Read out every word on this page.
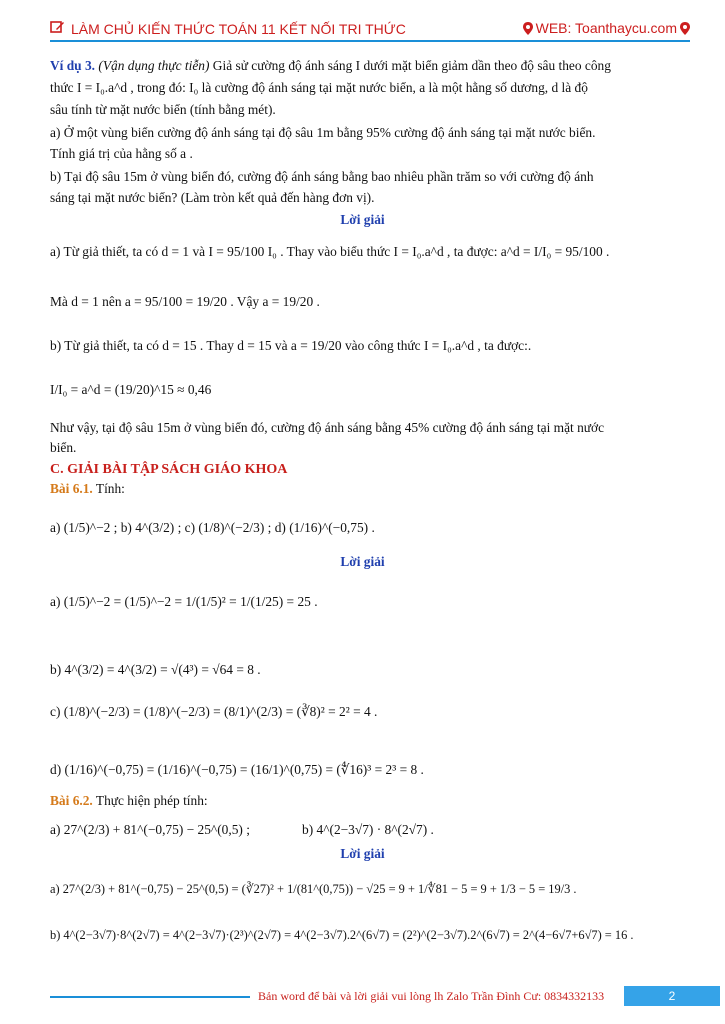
LÀM CHỦ KIẾN THỨC TOÁN 11 KẾT NỐI TRI THỨC	WEB: Toanthaycu.com
Ví dụ 3. (Vận dụng thực tiễn) Giả sử cường độ ánh sáng I dưới mặt biển giảm dần theo độ sâu theo công
thức I = I₀.a^d , trong đó: I₀ là cường độ ánh sáng tại mặt nước biển, a là một hằng số dương, d là độ
sâu tính từ mặt nước biển (tính bằng mét).
a) Ở một vùng biển cường độ ánh sáng tại độ sâu 1m bằng 95% cường độ ánh sáng tại mặt nước biển.
Tính giá trị của hằng số a .
b) Tại độ sâu 15m ở vùng biển đó, cường độ ánh sáng bằng bao nhiêu phần trăm so với cường độ ánh
sáng tại mặt nước biển? (Làm tròn kết quả đến hàng đơn vị).
Lời giải
a) Từ giả thiết, ta có d = 1 và I = 95/100 I₀ . Thay vào biểu thức I = I₀.a^d , ta được: a^d = I/I₀ = 95/100 .
Mà d = 1 nên a = 95/100 = 19/20 . Vậy a = 19/20 .
b) Từ giả thiết, ta có d = 15 . Thay d = 15 và a = 19/20 vào công thức I = I₀.a^d , ta được:.
I/I₀ = a^d = (19/20)^15 ≈ 0,46
Như vậy, tại độ sâu 15m ở vùng biển đó, cường độ ánh sáng bằng 45% cường độ ánh sáng tại mặt nước
biển.
C. GIẢI BÀI TẬP SÁCH GIÁO KHOA
Bài 6.1. Tính:
a) (1/5)^−2 ; b) 4^(3/2) ; c) (1/8)^(−2/3) ; d) (1/16)^(−0,75) .
Lời giải
a) (1/5)^−2 = (1/5)^−2 = 1/(1/5)² = 1/(1/25) = 25 .
b) 4^(3/2) = 4^(3/2) = √(4³) = √64 = 8 .
c) (1/8)^(−2/3) = (1/8)^(−2/3) = (8/1)^(2/3) = (∛8)² = 2² = 4 .
d) (1/16)^(−0,75) = (1/16)^(−0,75) = (16/1)^(0,75) = (∜16)³ = 2³ = 8 .
Bài 6.2. Thực hiện phép tính:
a) 27^(2/3) + 81^(−0,75) − 25^(0,5) ;	b) 4^(2−3√7) · 8^(2√7) .
Lời giải
a) 27^(2/3) + 81^(−0,75) − 25^(0,5) = (∛27)² + 1/(81^(0,75)) − √25 = 9 + 1/∜81 − 5 = 9 + 1/3 − 5 = 19/3 .
b) 4^(2−3√7)·8^(2√7) = 4^(2−3√7)·(2³)^(2√7) = 4^(2−3√7).2^(6√7) = (2²)^(2−3√7).2^(6√7) = 2^(4−6√7+6√7) = 16 .
Bản word để bài và lời giải vui lòng lh Zalo Trần Đình Cư: 0834332133	2
